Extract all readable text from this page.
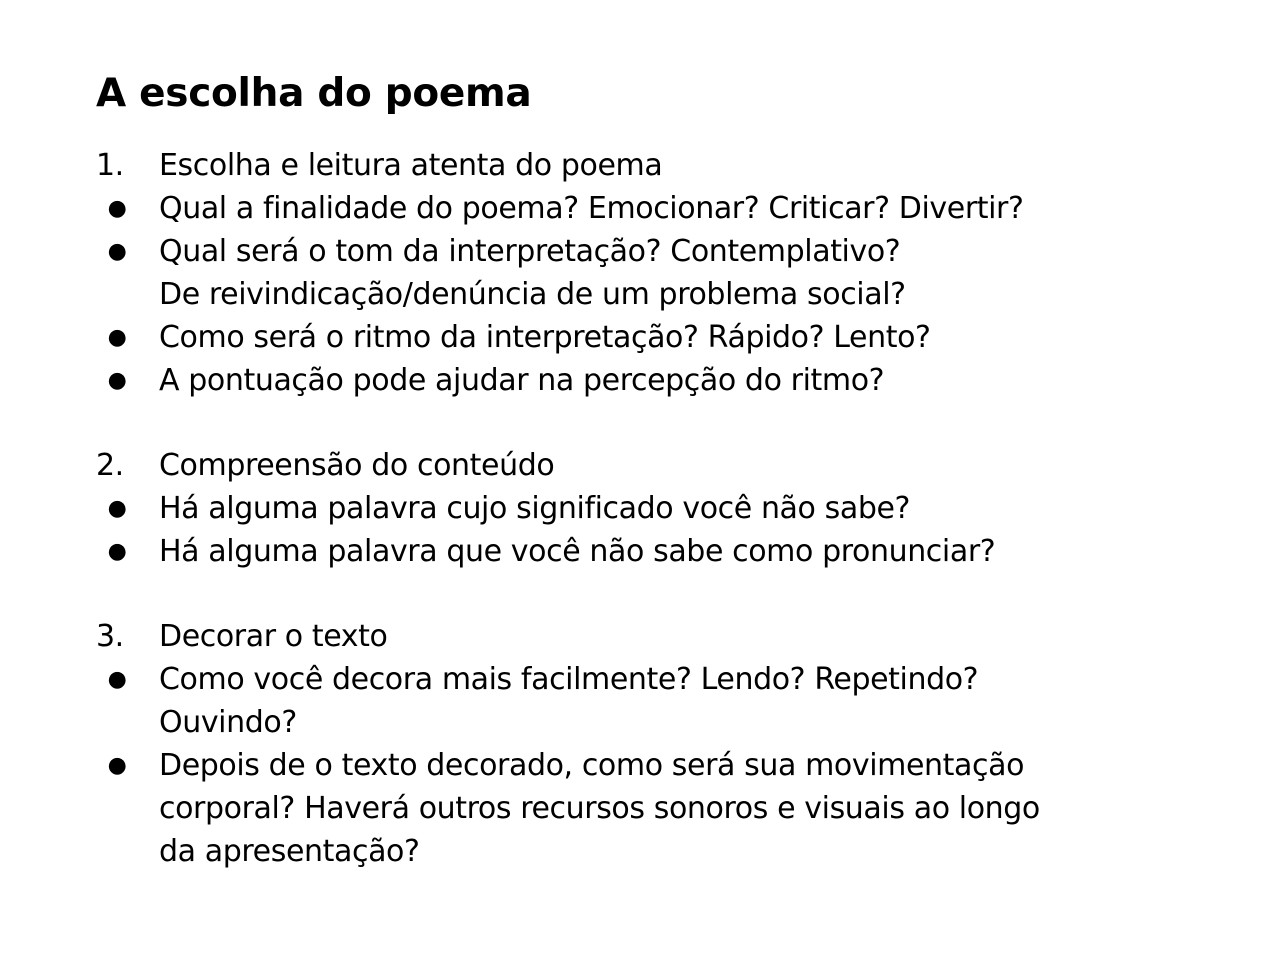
A escolha do poema
1.	Escolha e leitura atenta do poema
●	Qual a finalidade do poema? Emocionar? Criticar? Divertir?
●	Qual será o tom da interpretação? Contemplativo?
De reivindicação/denúncia de um problema social?
●	Como será o ritmo da interpretação? Rápido? Lento?
●	A pontuação pode ajudar na percepção do ritmo?
2.	Compreensão do conteúdo
●	Há alguma palavra cujo significado você não sabe?
●	Há alguma palavra que você não sabe como pronunciar?
3.	Decorar o texto
●	Como você decora mais facilmente? Lendo? Repetindo?
Ouvindo?
●	Depois de o texto decorado, como será sua movimentação
corporal? Haverá outros recursos sonoros e visuais ao longo
da apresentação?
